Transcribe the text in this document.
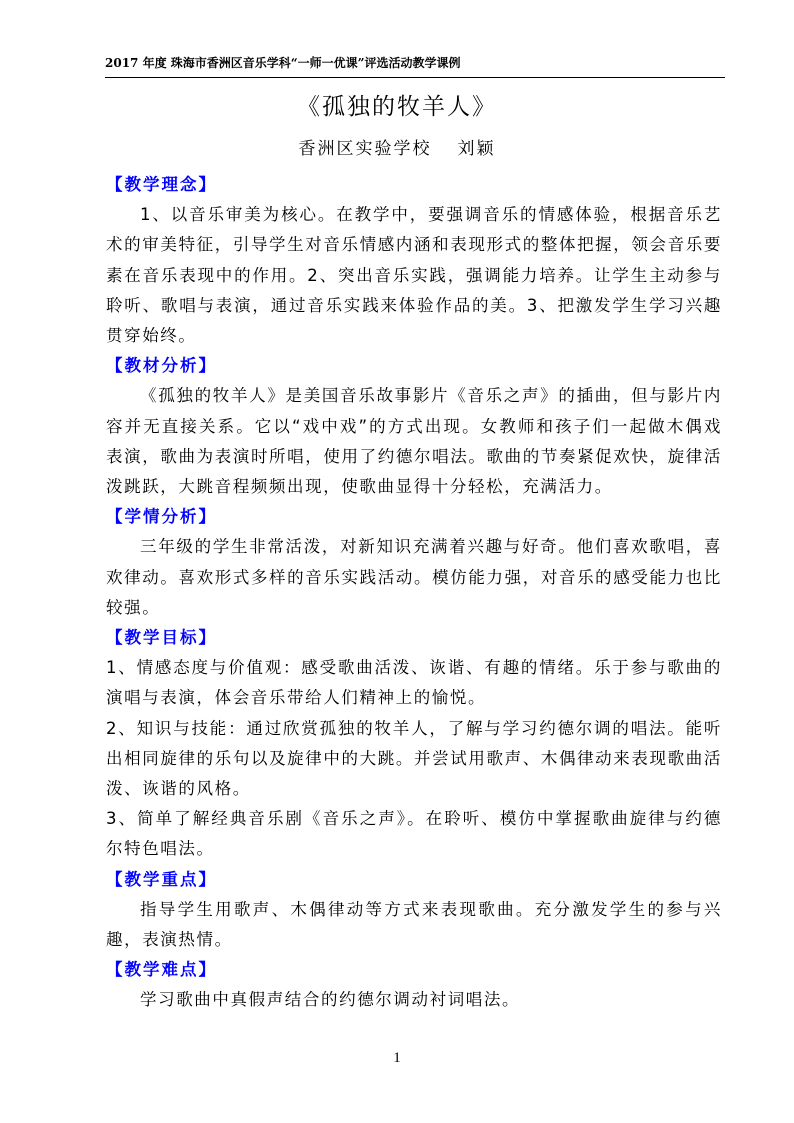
2017 年度 珠海市香洲区音乐学科“一师一优课”评选活动教学课例
《孤独的牧羊人》
香洲区实验学校 刘颖

【教学理念】

1、以音乐审美为核心。在教学中，要强调音乐的情感体验，根据音乐艺术的审美特征，引导学生对音乐情感内涵和表现形式的整体把握，领会音乐要素在音乐表现中的作用。2、突出音乐实践，强调能力培养。让学生主动参与聆听、歌唱与表演，通过音乐实践来体验作品的美。3、把激发学生学习兴趣贯穿始终。

【教材分析】

《孤独的牧羊人》是美国音乐故事影片《音乐之声》的插曲，但与影片内容并无直接关系。它以“戏中戏”的方式出现。女教师和孩子们一起做木偶戏表演，歌曲为表演时所唱，使用了约德尔唱法。歌曲的节奏紧促欢快，旋律活泼跳跃，大跳音程频频出现，使歌曲显得十分轻松，充满活力。

【学情分析】

三年级的学生非常活泼，对新知识充满着兴趣与好奇。他们喜欢歌唱，喜欢律动。喜欢形式多样的音乐实践活动。模仿能力强，对音乐的感受能力也比较强。

【教学目标】

1、情感态度与价值观：感受歌曲活泼、诙谐、有趣的情绪。乐于参与歌曲的演唱与表演，体会音乐带给人们精神上的愉悦。

2、知识与技能：通过欣赏孤独的牧羊人，了解与学习约德尔调的唱法。能听出相同旋律的乐句以及旋律中的大跳。并尝试用歌声、木偶律动来表现歌曲活泼、诙谐的风格。

3、简单了解经典音乐剧《音乐之声》。在聆听、模仿中掌握歌曲旋律与约德尔特色唱法。

【教学重点】

指导学生用歌声、木偶律动等方式来表现歌曲。充分激发学生的参与兴趣，表演热情。

【教学难点】

学习歌曲中真假声结合的约德尔调动衬词唱法。

1
